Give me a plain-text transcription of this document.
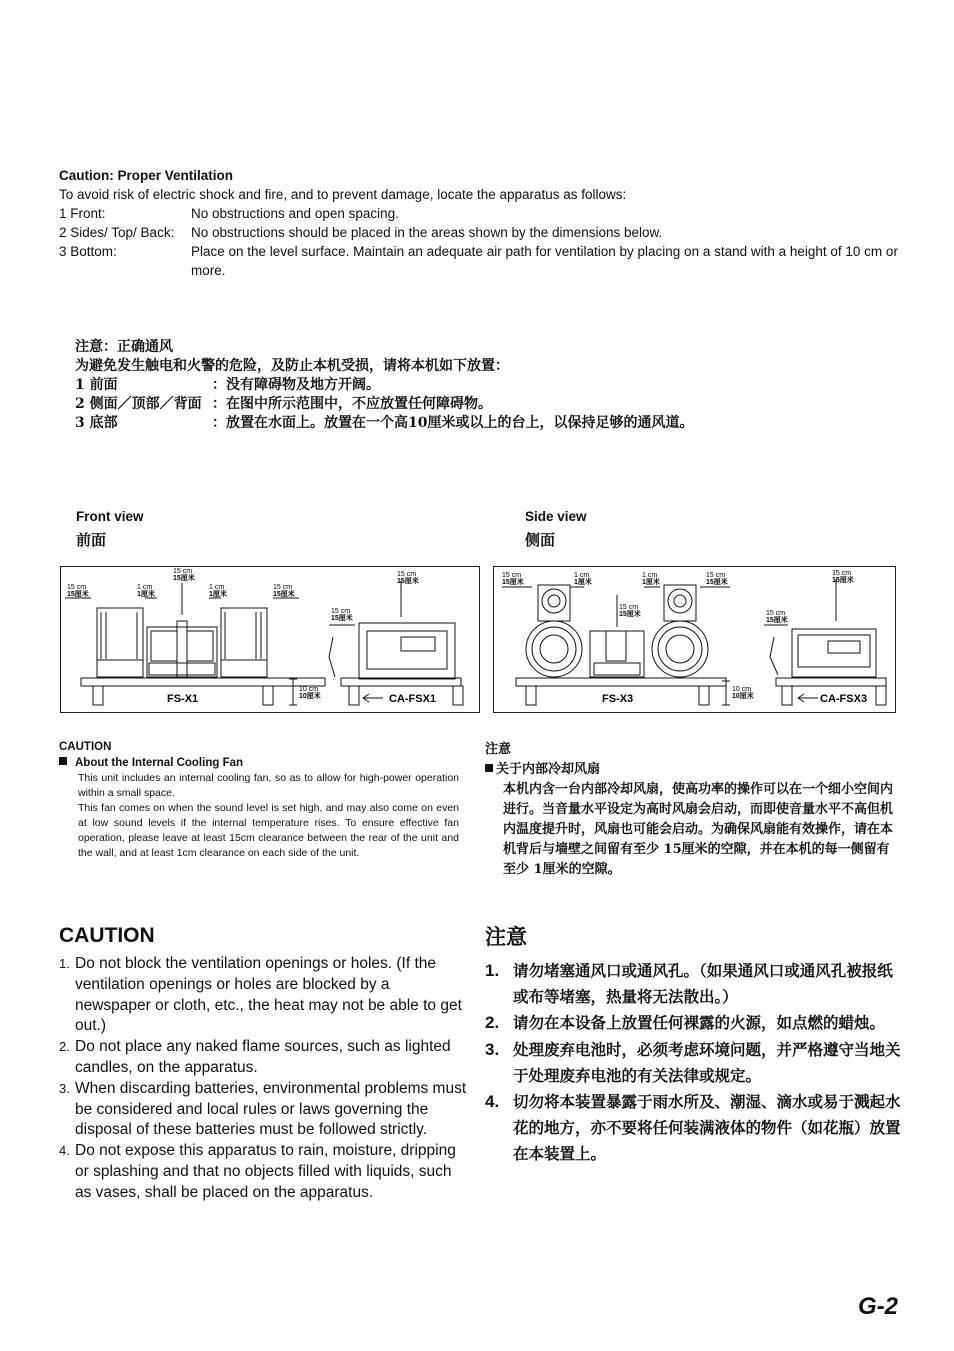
Caution: Proper Ventilation
To avoid risk of electric shock and fire, and to prevent damage, locate the apparatus as follows:
1 Front:	No obstructions and open spacing.
2 Sides/ Top/ Back:	No obstructions should be placed in the areas shown by the dimensions below.
3 Bottom:	Place on the level surface. Maintain an adequate air path for ventilation by placing on a stand with a height of 10 cm or more.
注意：正确通风
为避免发生触电和火警的危险，及防止本机受损，请将本机如下放置：
1 前面	：没有障碍物及地方开阔。
2 侧面／顶部／背面 ：在图中所示范围中，不应放置任何障碍物。
3 底部	：放置在水面上。放置在一个高10厘米或以上的台上，以保持足够的通风道。
Front view
前面
Side view
侧面
15 cm
15厘米
1 cm
1厘米
15 cm
15厘米
1 cm
1厘米
15 cm
15厘米
15 cm
15厘米
15 cm
15厘米
10 cm
10厘米
FS-X1	CA-FSX1
15 cm
15厘米
1 cm
1厘米
1 cm
1厘米
15 cm
15厘米
15 cm
15厘米
15 cm
15厘米
15 cm
15厘米
10 cm
10厘米
FS-X3	CA-FSX3
CAUTION
About the Internal Cooling Fan
This unit includes an internal cooling fan, so as to allow for high-power operation within a small space.
This fan comes on when the sound level is set high, and may also come on even at low sound levels if the internal temperature rises. To ensure effective fan operation, please leave at least 15cm clearance between the rear of the unit and the wall, and at least 1cm clearance on each side of the unit.
注意
关于内部冷却风扇
本机内含一台内部冷却风扇，使高功率的操作可以在一个细小空间内进行。当音量水平设定为高时风扇会启动，而即使音量水平不高但机内温度提升时，风扇也可能会启动。为确保风扇能有效操作，请在本机背后与墙壁之间留有至少 15厘米的空隙，并在本机的每一侧留有至少 1厘米的空隙。
CAUTION
1. Do not block the ventilation openings or holes. (If the ventilation openings or holes are blocked by a newspaper or cloth, etc., the heat may not be able to get out.)
2. Do not place any naked flame sources, such as lighted candles, on the apparatus.
3. When discarding batteries, environmental problems must be considered and local rules or laws governing the disposal of these batteries must be followed strictly.
4. Do not expose this apparatus to rain, moisture, dripping or splashing and that no objects filled with liquids, such as vases, shall be placed on the apparatus.
注意
1. 请勿堵塞通风口或通风孔。（如果通风口或通风孔被报纸或布等堵塞，热量将无法散出。）
2. 请勿在本设备上放置任何裸露的火源，如点燃的蜡烛。
3. 处理废弃电池时，必须考虑环境问题，并严格遵守当地关于处理废弃电池的有关法律或规定。
4. 切勿将本装置暴露于雨水所及、潮湿、滴水或易于溅起水花的地方，亦不要将任何装满液体的物件（如花瓶）放置在本装置上。
G-2
